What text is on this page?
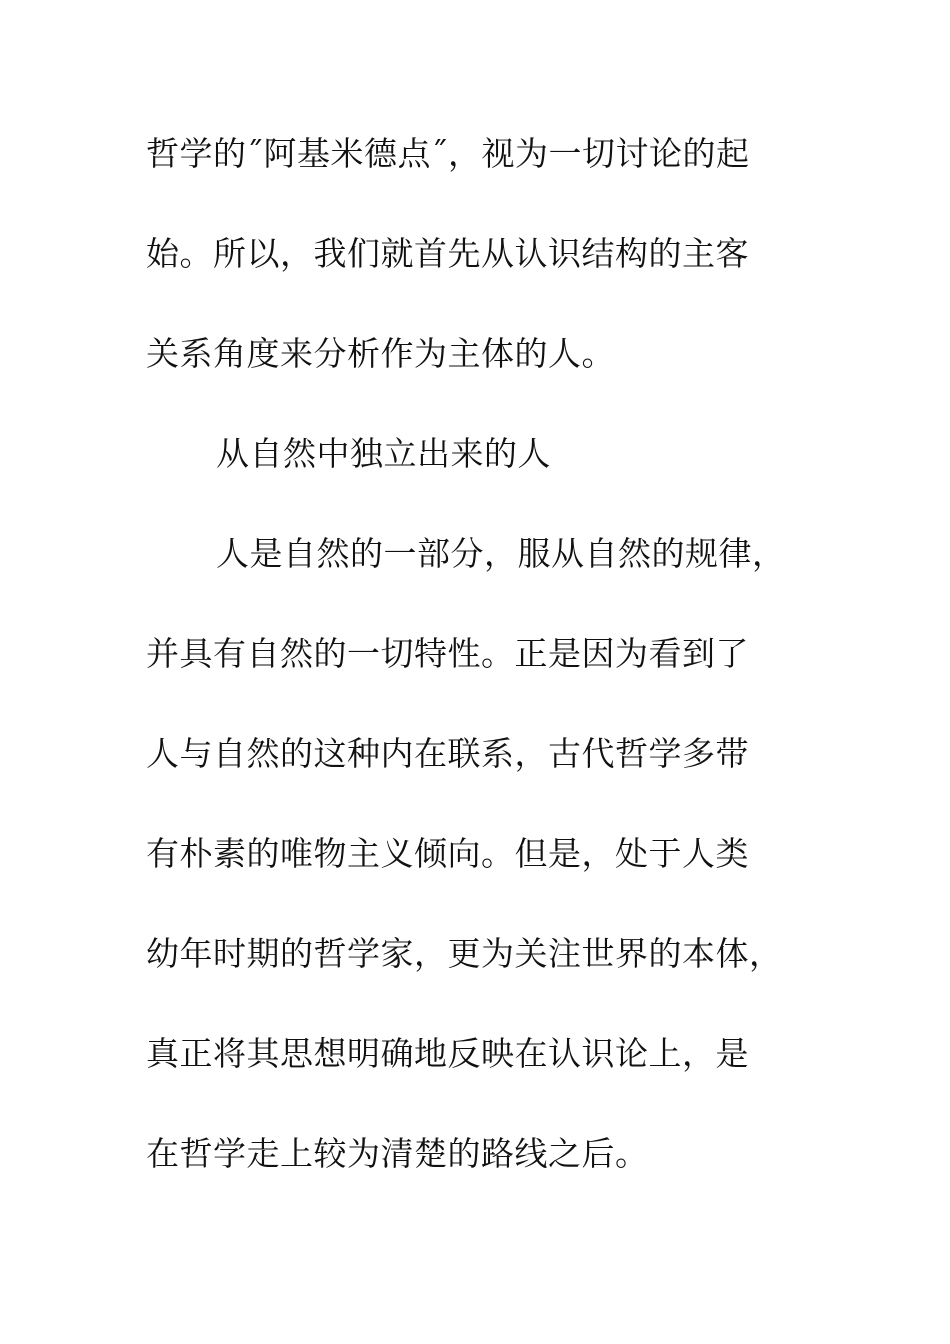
哲学的˝阿基米德点˝，视为一切讨论的起
始。所以，我们就首先从认识结构的主客
关系角度来分析作为主体的人。
从自然中独立出来的人
人是自然的一部分，服从自然的规律，
并具有自然的一切特性。正是因为看到了
人与自然的这种内在联系，古代哲学多带
有朴素的唯物主义倾向。但是，处于人类
幼年时期的哲学家，更为关注世界的本体，
真正将其思想明确地反映在认识论上，是
在哲学走上较为清楚的路线之后。
